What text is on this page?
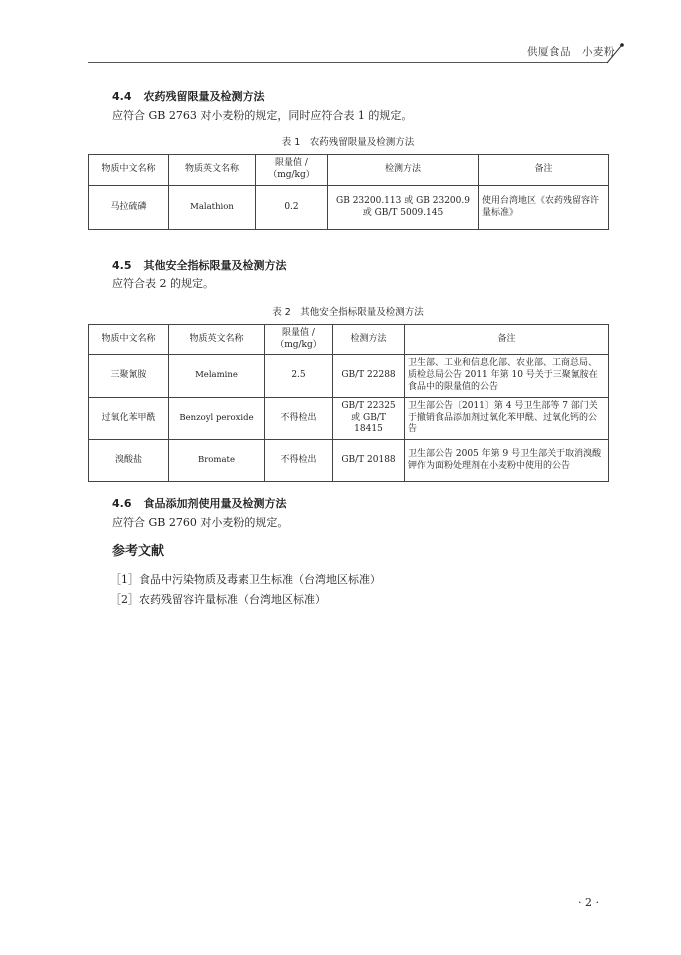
供厦食品　小麦粉
4.4 农药残留限量及检测方法
应符合 GB 2763 对小麦粉的规定，同时应符合表 1 的规定。
表 1　农药残留限量及检测方法
物质中文名称	物质英文名称	限量值 /（mg/kg）	检测方法	备注
马拉硫磷	Malathion	0.2	GB 23200.113 或 GB 23200.9 或 GB/T 5009.145	使用台湾地区《农药残留容许量标准》
4.5 其他安全指标限量及检测方法
应符合表 2 的规定。
表 2　其他安全指标限量及检测方法
物质中文名称	物质英文名称	限量值 /（mg/kg）	检测方法	备注
三聚氰胺	Melamine	2.5	GB/T 22288	卫生部、工业和信息化部、农业部、工商总局、质检总局公告 2011 年第 10 号关于三聚氰胺在食品中的限量值的公告
过氧化苯甲酰	Benzoyl peroxide	不得检出	GB/T 22325 或 GB/T 18415	卫生部公告〔2011〕第 4 号卫生部等 7 部门关于撤销食品添加剂过氧化苯甲酰、过氧化钙的公告
溴酸盐	Bromate	不得检出	GB/T 20188	卫生部公告 2005 年第 9 号卫生部关于取消溴酸钾作为面粉处理剂在小麦粉中使用的公告
4.6 食品添加剂使用量及检测方法
应符合 GB 2760 对小麦粉的规定。
参考文献
［1］食品中污染物质及毒素卫生标准（台湾地区标准）
［2］农药残留容许量标准（台湾地区标准）
· 2 ·
